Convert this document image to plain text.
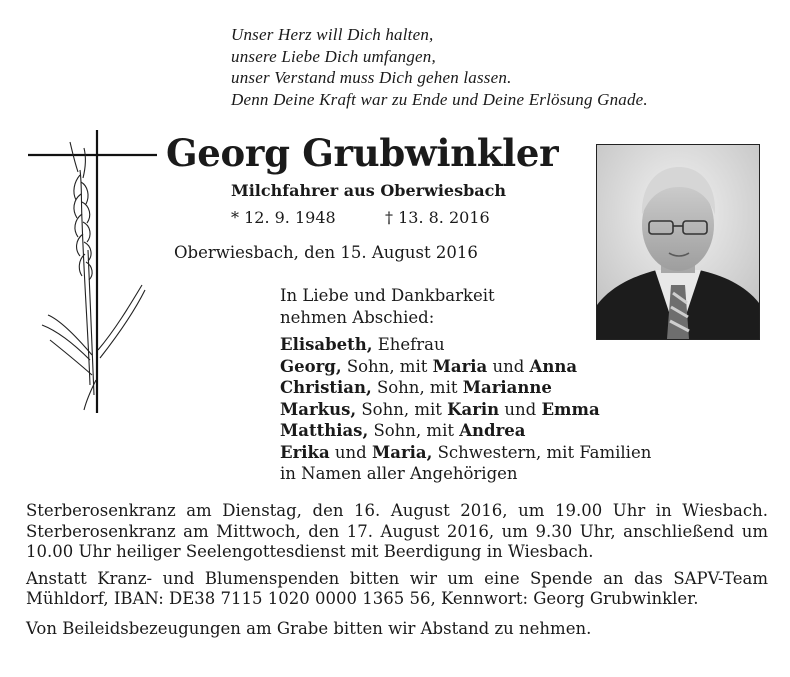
Unser Herz will Dich halten,
unsere Liebe Dich umfangen,
unser Verstand muss Dich gehen lassen.
Denn Deine Kraft war zu Ende und Deine Erlösung Gnade.
Georg Grubwinkler
Milchfahrer aus Oberwiesbach
* 12. 9. 1948	† 13. 8. 2016
Oberwiesbach, den 15. August 2016
In Liebe und Dankbarkeit
nehmen Abschied:
Elisabeth, Ehefrau
Georg, Sohn, mit Maria und Anna
Christian, Sohn, mit Marianne
Markus, Sohn, mit Karin und Emma
Matthias, Sohn, mit Andrea
Erika und Maria, Schwestern, mit Familien
in Namen aller Angehörigen

Sterberosenkranz am Dienstag, den 16. August 2016, um 19.00 Uhr in Wiesbach. Sterberosenkranz am Mittwoch, den 17. August 2016, um 9.30 Uhr, anschließend um 10.00 Uhr heiliger Seelengottesdienst mit Beerdigung in Wiesbach.

Anstatt Kranz- und Blumenspenden bitten wir um eine Spende an das SAPV-Team Mühldorf, IBAN: DE38 7115 1020 0000 1365 56, Kennwort: Georg Grubwinkler.

Von Beileidsbezeugungen am Grabe bitten wir Abstand zu nehmen.
